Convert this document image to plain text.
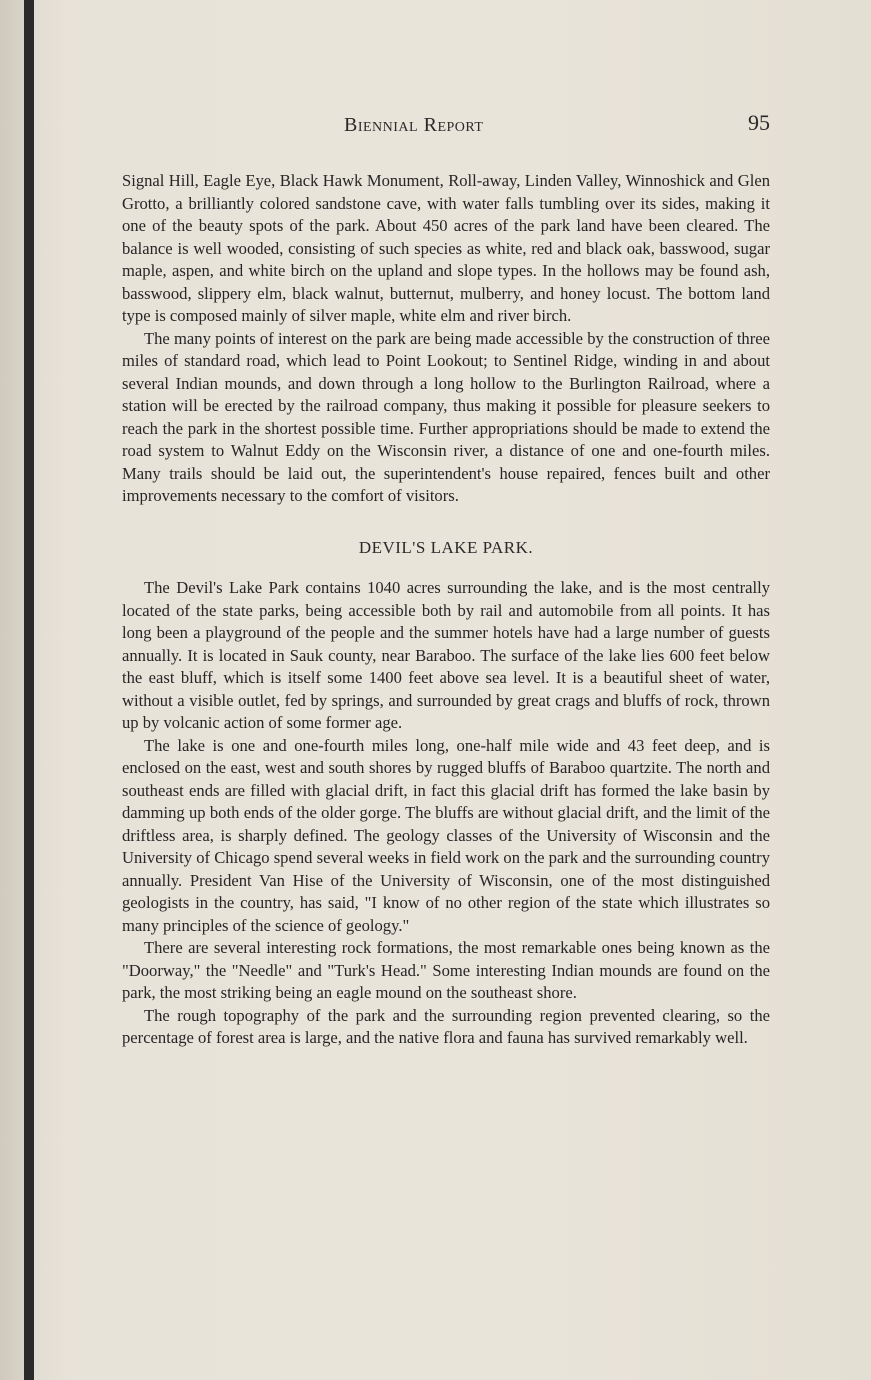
Biennial Report	95

Signal Hill, Eagle Eye, Black Hawk Monument, Roll-away, Linden Valley, Winnoshick and Glen Grotto, a brilliantly colored sandstone cave, with water falls tumbling over its sides, making it one of the beauty spots of the park. About 450 acres of the park land have been cleared. The balance is well wooded, consisting of such species as white, red and black oak, basswood, sugar maple, aspen, and white birch on the upland and slope types. In the hollows may be found ash, basswood, slippery elm, black walnut, butternut, mulberry, and honey locust. The bottom land type is composed mainly of silver maple, white elm and river birch.

The many points of interest on the park are being made accessible by the construction of three miles of standard road, which lead to Point Lookout; to Sentinel Ridge, winding in and about several Indian mounds, and down through a long hollow to the Burlington Railroad, where a station will be erected by the railroad company, thus making it possible for pleasure seekers to reach the park in the shortest possible time. Further appropriations should be made to extend the road system to Walnut Eddy on the Wisconsin river, a distance of one and one-fourth miles. Many trails should be laid out, the superintendent's house repaired, fences built and other improvements necessary to the comfort of visitors.

DEVIL'S LAKE PARK.

The Devil's Lake Park contains 1040 acres surrounding the lake, and is the most centrally located of the state parks, being accessible both by rail and automobile from all points. It has long been a playground of the people and the summer hotels have had a large number of guests annually. It is located in Sauk county, near Baraboo. The surface of the lake lies 600 feet below the east bluff, which is itself some 1400 feet above sea level. It is a beautiful sheet of water, without a visible outlet, fed by springs, and surrounded by great crags and bluffs of rock, thrown up by volcanic action of some former age.

The lake is one and one-fourth miles long, one-half mile wide and 43 feet deep, and is enclosed on the east, west and south shores by rugged bluffs of Baraboo quartzite. The north and southeast ends are filled with glacial drift, in fact this glacial drift has formed the lake basin by damming up both ends of the older gorge. The bluffs are without glacial drift, and the limit of the driftless area, is sharply defined. The geology classes of the University of Wisconsin and the University of Chicago spend several weeks in field work on the park and the surrounding country annually. President Van Hise of the University of Wisconsin, one of the most distinguished geologists in the country, has said, "I know of no other region of the state which illustrates so many principles of the science of geology."

There are several interesting rock formations, the most remarkable ones being known as the "Doorway," the "Needle" and "Turk's Head." Some interesting Indian mounds are found on the park, the most striking being an eagle mound on the southeast shore.

The rough topography of the park and the surrounding region prevented clearing, so the percentage of forest area is large, and the native flora and fauna has survived remarkably well.
